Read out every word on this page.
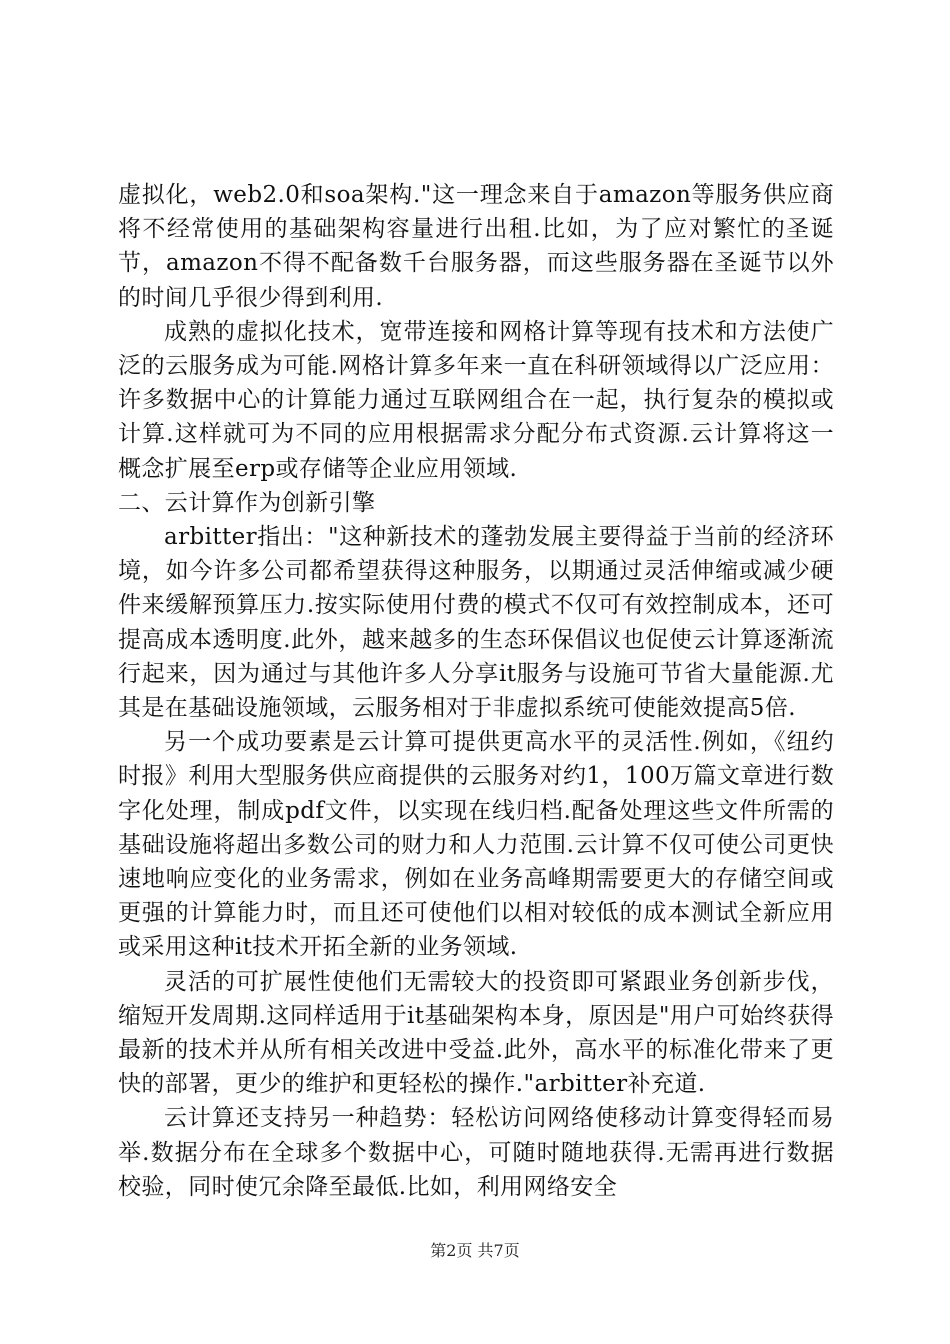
虚拟化，web2.0和soa架构."这一理念来自于amazon等服务供应商将不经常使用的基础架构容量进行出租.比如，为了应对繁忙的圣诞节，amazon不得不配备数千台服务器，而这些服务器在圣诞节以外的时间几乎很少得到利用.

成熟的虚拟化技术，宽带连接和网格计算等现有技术和方法使广泛的云服务成为可能.网格计算多年来一直在科研领域得以广泛应用：许多数据中心的计算能力通过互联网组合在一起，执行复杂的模拟或计算.这样就可为不同的应用根据需求分配分布式资源.云计算将这一概念扩展至erp或存储等企业应用领域.

二、云计算作为创新引擎

arbitter指出："这种新技术的蓬勃发展主要得益于当前的经济环境，如今许多公司都希望获得这种服务，以期通过灵活伸缩或减少硬件来缓解预算压力.按实际使用付费的模式不仅可有效控制成本，还可提高成本透明度.此外，越来越多的生态环保倡议也促使云计算逐渐流行起来，因为通过与其他许多人分享it服务与设施可节省大量能源.尤其是在基础设施领域，云服务相对于非虚拟系统可使能效提高5倍.

另一个成功要素是云计算可提供更高水平的灵活性.例如，《纽约时报》利用大型服务供应商提供的云服务对约1，100万篇文章进行数字化处理，制成pdf文件，以实现在线归档.配备处理这些文件所需的基础设施将超出多数公司的财力和人力范围.云计算不仅可使公司更快速地响应变化的业务需求，例如在业务高峰期需要更大的存储空间或更强的计算能力时，而且还可使他们以相对较低的成本测试全新应用或采用这种it技术开拓全新的业务领域.

灵活的可扩展性使他们无需较大的投资即可紧跟业务创新步伐，缩短开发周期.这同样适用于it基础架构本身，原因是"用户可始终获得最新的技术并从所有相关改进中受益.此外，高水平的标准化带来了更快的部署，更少的维护和更轻松的操作."arbitter补充道.

云计算还支持另一种趋势：轻松访问网络使移动计算变得轻而易举.数据分布在全球多个数据中心，可随时随地获得.无需再进行数据校验，同时使冗余降至最低.比如，利用网络安全

第2页 共7页
